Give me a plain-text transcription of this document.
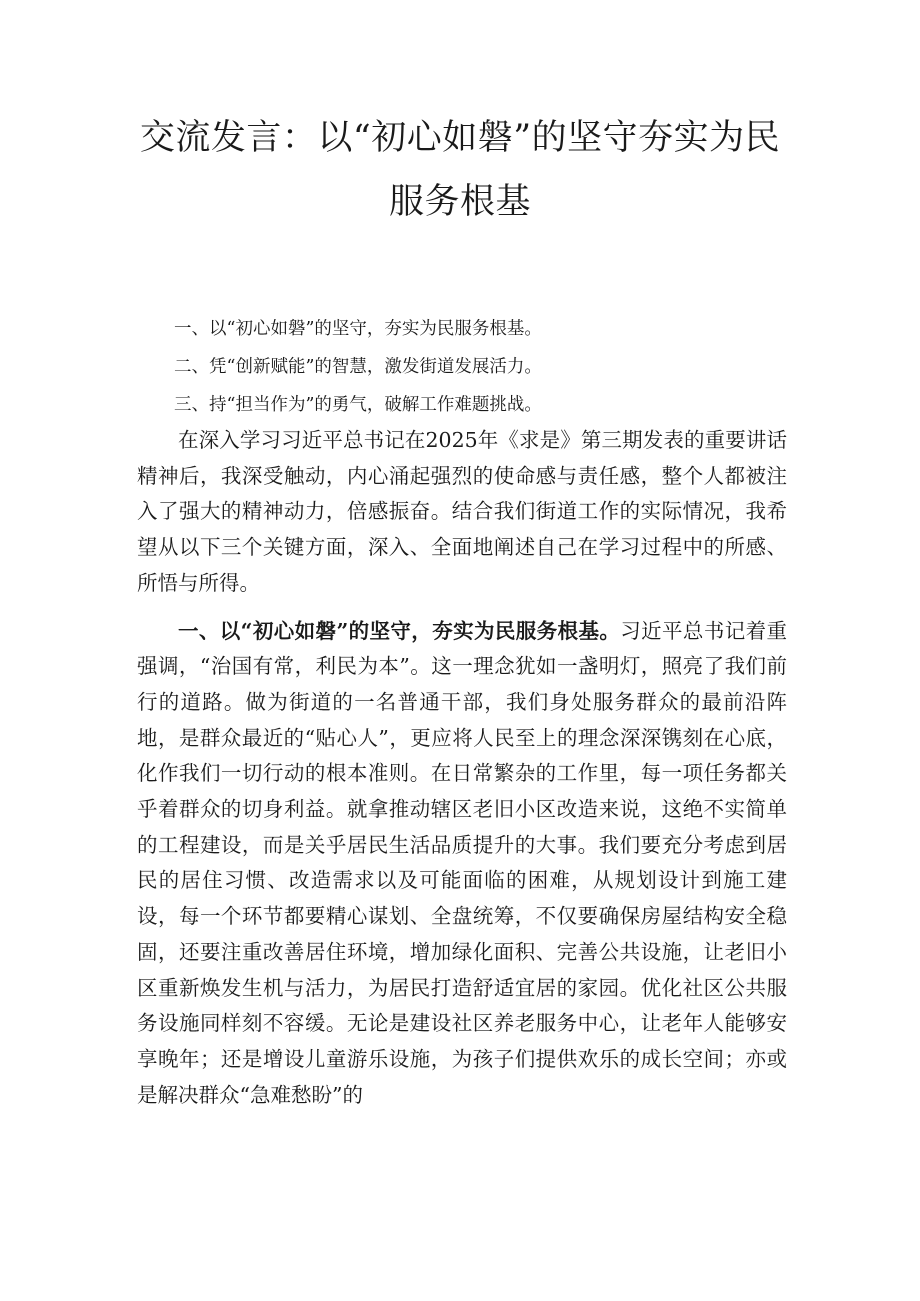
交流发言：以“初心如磐”的坚守夯实为民服务根基
一、以“初心如磐”的坚守，夯实为民服务根基。
二、凭“创新赋能”的智慧，激发街道发展活力。
三、持“担当作为”的勇气，破解工作难题挑战。

在深入学习习近平总书记在2025年《求是》第三期发表的重要讲话精神后，我深受触动，内心涌起强烈的使命感与责任感，整个人都被注入了强大的精神动力，倍感振奋。结合我们街道工作的实际情况，我希望从以下三个关键方面，深入、全面地阐述自己在学习过程中的所感、所悟与所得。

一、以“初心如磐”的坚守，夯实为民服务根基。习近平总书记着重强调，“治国有常，利民为本”。这一理念犹如一盏明灯，照亮了我们前行的道路。做为街道的一名普通干部，我们身处服务群众的最前沿阵地，是群众最近的“贴心人”，更应将人民至上的理念深深镌刻在心底，化作我们一切行动的根本准则。在日常繁杂的工作里，每一项任务都关乎着群众的切身利益。就拿推动辖区老旧小区改造来说，这绝不实简单的工程建设，而是关乎居民生活品质提升的大事。我们要充分考虑到居民的居住习惯、改造需求以及可能面临的困难，从规划设计到施工建设，每一个环节都要精心谋划、全盘统筹，不仅要确保房屋结构安全稳固，还要注重改善居住环境，增加绿化面积、完善公共设施，让老旧小区重新焕发生机与活力，为居民打造舒适宜居的家园。优化社区公共服务设施同样刻不容缓。无论是建设社区养老服务中心，让老年人能够安享晚年；还是增设儿童游乐设施，为孩子们提供欢乐的成长空间；亦或是解决群众“急难愁盼”的
